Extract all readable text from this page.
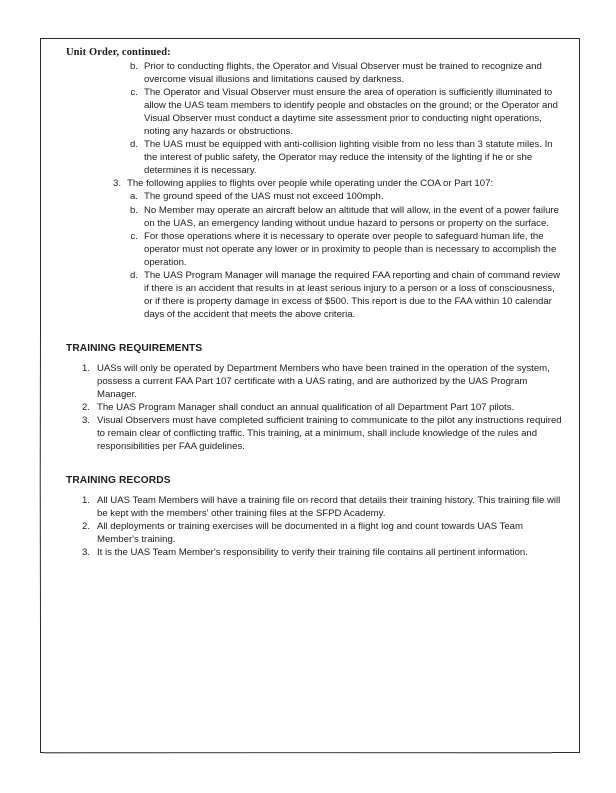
Unit Order, continued:
b. Prior to conducting flights, the Operator and Visual Observer must be trained to recognize and overcome visual illusions and limitations caused by darkness.
c. The Operator and Visual Observer must ensure the area of operation is sufficiently illuminated to allow the UAS team members to identify people and obstacles on the ground; or the Operator and Visual Observer must conduct a daytime site assessment prior to conducting night operations, noting any hazards or obstructions.
d. The UAS must be equipped with anti-collision lighting visible from no less than 3 statute miles. In the interest of public safety, the Operator may reduce the intensity of the lighting if he or she determines it is necessary.
3. The following applies to flights over people while operating under the COA or Part 107:
a. The ground speed of the UAS must not exceed 100mph.
b. No Member may operate an aircraft below an altitude that will allow, in the event of a power failure on the UAS, an emergency landing without undue hazard to persons or property on the surface.
c. For those operations where it is necessary to operate over people to safeguard human life, the operator must not operate any lower or in proximity to people than is necessary to accomplish the operation.
d. The UAS Program Manager will manage the required FAA reporting and chain of command review if there is an accident that results in at least serious injury to a person or a loss of consciousness, or if there is property damage in excess of $500. This report is due to the FAA within 10 calendar days of the accident that meets the above criteria.
TRAINING REQUIREMENTS
1. UASs will only be operated by Department Members who have been trained in the operation of the system, possess a current FAA Part 107 certificate with a UAS rating, and are authorized by the UAS Program Manager.
2. The UAS Program Manager shall conduct an annual qualification of all Department Part 107 pilots.
3. Visual Observers must have completed sufficient training to communicate to the pilot any instructions required to remain clear of conflicting traffic. This training, at a minimum, shall include knowledge of the rules and responsibilities per FAA guidelines.
TRAINING RECORDS
1. All UAS Team Members will have a training file on record that details their training history. This training file will be kept with the members' other training files at the SFPD Academy.
2. All deployments or training exercises will be documented in a flight log and count towards UAS Team Member's training.
3. It is the UAS Team Member's responsibility to verify their training file contains all pertinent information.
